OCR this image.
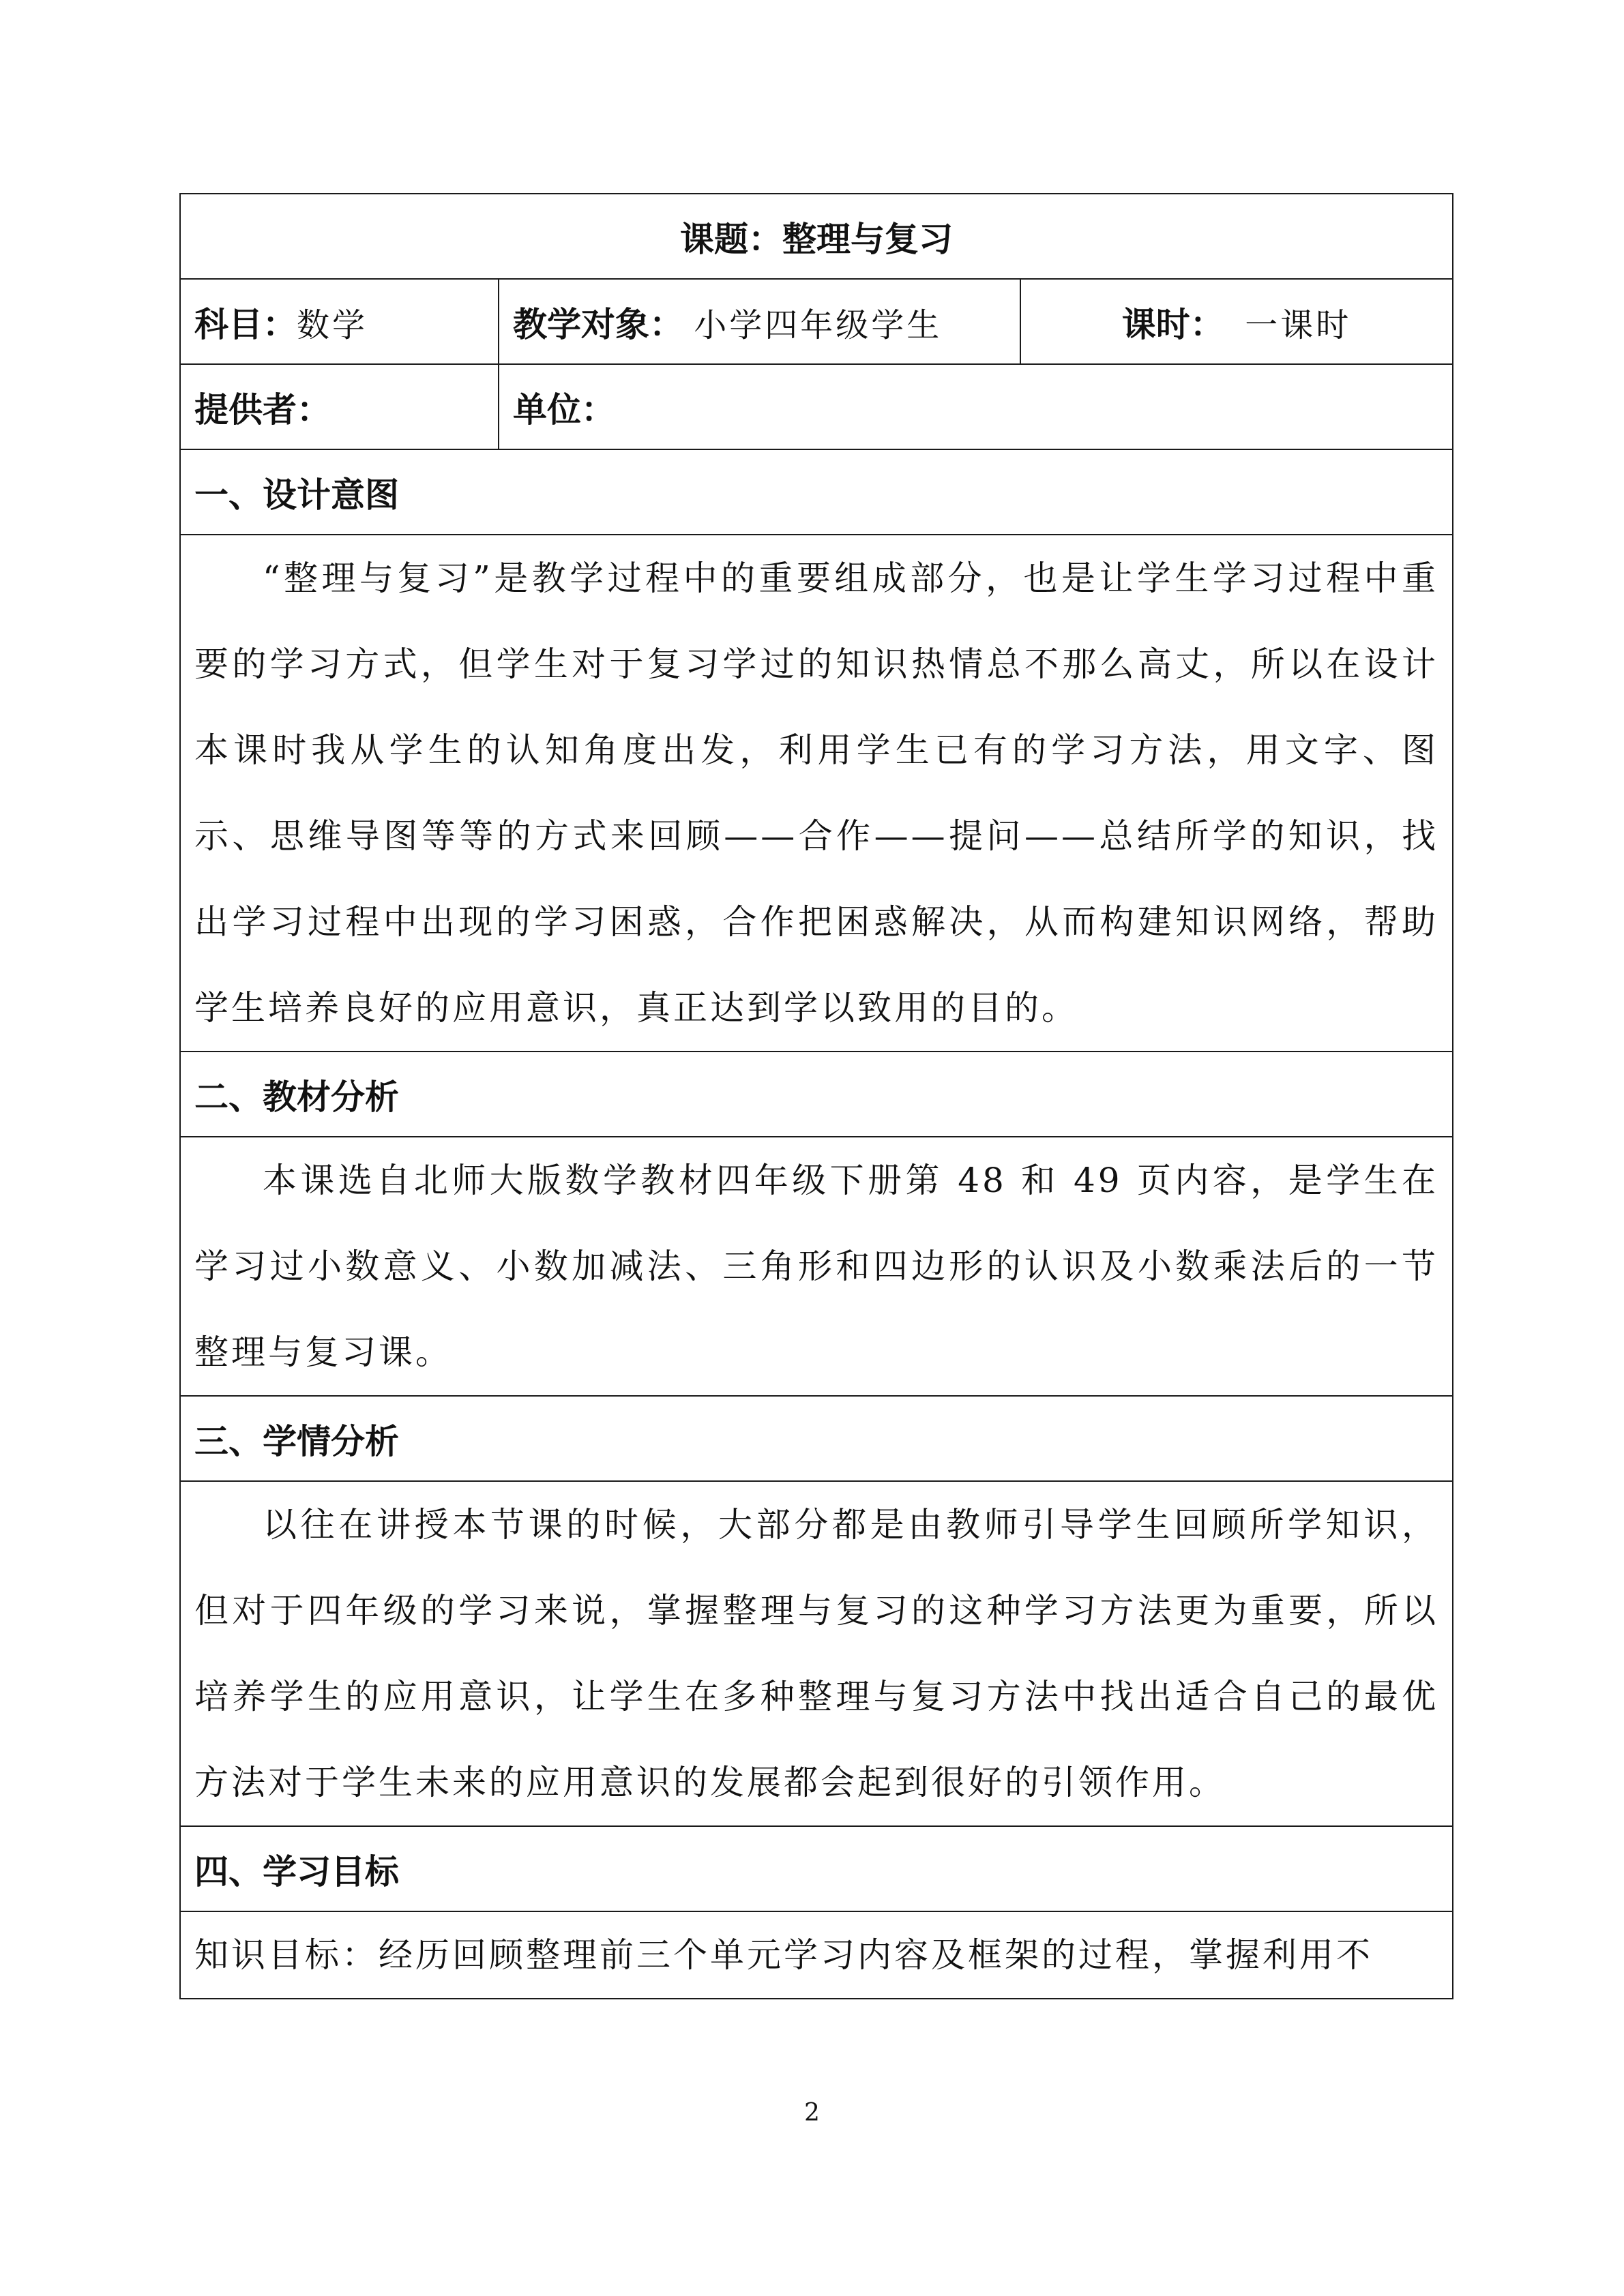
课题：整理与复习		
科目：数学	教学对象： 小学四年级学生	课时： 一课时
提供者：	单位：	
一、设计意图		

“整理与复习”是教学过程中的重要组成部分，也是让学生学习过程中重要的学习方式，但学生对于复习学过的知识热情总不那么高丈，所以在设计本课时我从学生的认知角度出发，利用学生已有的学习方法，用文字、图示、思维导图等等的方式来回顾——合作——提问——总结所学的知识，找出学习过程中出现的学习困惑，合作把困惑解决，从而构建知识网络，帮助学生培养良好的应用意识，真正达到学以致用的目的。		

二、教材分析		

本课选自北师大版数学教材四年级下册第 48 和 49 页内容，是学生在学习过小数意义、小数加减法、三角形和四边形的认识及小数乘法后的一节整理与复习课。		

三、学情分析		

以往在讲授本节课的时候，大部分都是由教师引导学生回顾所学知识，但对于四年级的学习来说，掌握整理与复习的这种学习方法更为重要，所以培养学生的应用意识，让学生在多种整理与复习方法中找出适合自己的最优方法对于学生未来的应用意识的发展都会起到很好的引领作用。		

四、学习目标		

知识目标：经历回顾整理前三个单元学习内容及框架的过程，掌握利用不		

2
